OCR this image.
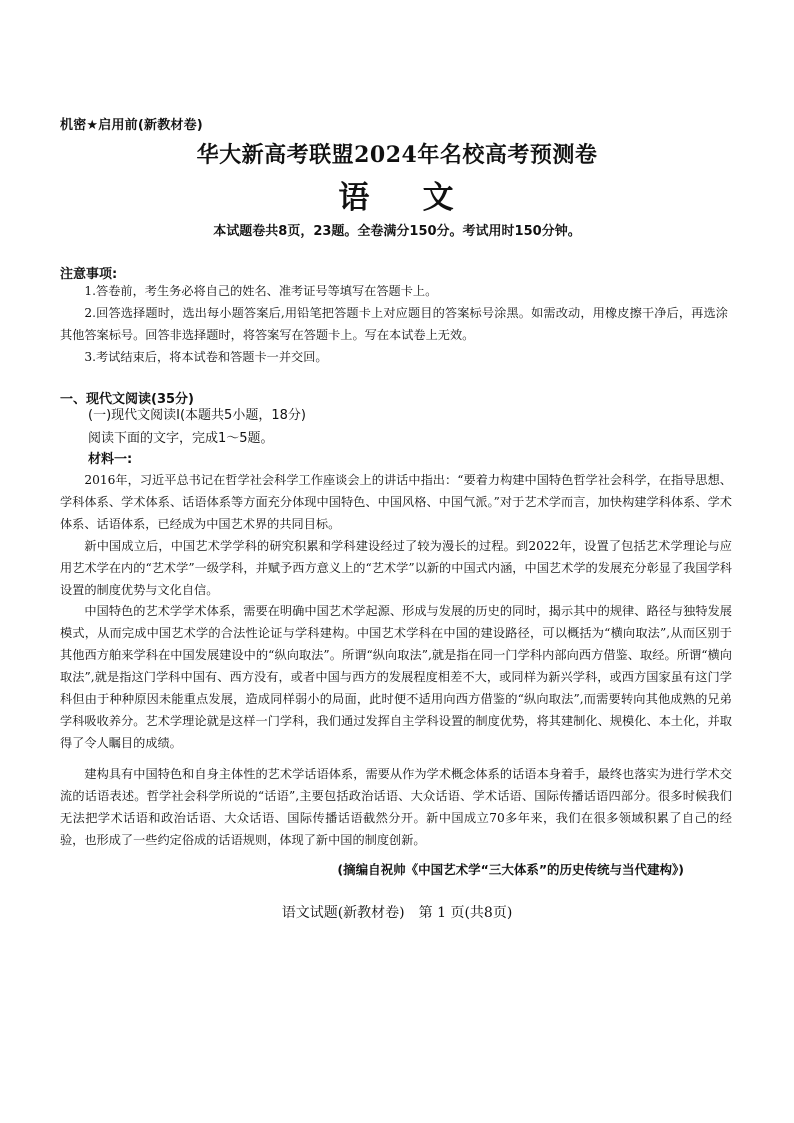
机密★启用前(新教材卷)
华大新高考联盟2024年名校高考预测卷
语    文
本试题卷共8页，23题。全卷满分150分。考试用时150分钟。
注意事项:
1.答卷前，考生务必将自己的姓名、准考证号等填写在答题卡上。
2.回答选择题时，选出每小题答案后,用铅笔把答题卡上对应题目的答案标号涂黑。如需改动，用橡皮擦干净后，再选涂其他答案标号。回答非选择题时，将答案写在答题卡上。写在本试卷上无效。
3.考试结束后，将本试卷和答题卡一并交回。
一、现代文阅读(35分)
(一)现代文阅读Ⅰ(本题共5小题，18分)
阅读下面的文字，完成1～5题。
材料一:
2016年，习近平总书记在哲学社会科学工作座谈会上的讲话中指出：“要着力构建中国特色哲学社会科学，在指导思想、学科体系、学术体系、话语体系等方面充分体现中国特色、中国风格、中国气派。”对于艺术学而言，加快构建学科体系、学术体系、话语体系，已经成为中国艺术界的共同目标。
新中国成立后，中国艺术学学科的研究积累和学科建设经过了较为漫长的过程。到2022年，设置了包括艺术学理论与应用艺术学在内的“艺术学”一级学科，并赋予西方意义上的“艺术学”以新的中国式内涵，中国艺术学的发展充分彰显了我国学科设置的制度优势与文化自信。
中国特色的艺术学学术体系，需要在明确中国艺术学起源、形成与发展的历史的同时，揭示其中的规律、路径与独特发展模式，从而完成中国艺术学的合法性论证与学科建构。中国艺术学科在中国的建设路径，可以概括为“横向取法”,从而区别于其他西方舶来学科在中国发展建设中的“纵向取法”。所谓“纵向取法”,就是指在同一门学科内部向西方借鉴、取经。所谓“横向取法”,就是指这门学科中国有、西方没有，或者中国与西方的发展程度相差不大，或同样为新兴学科，或西方国家虽有这门学科但由于种种原因未能重点发展，造成同样弱小的局面，此时便不适用向西方借鉴的“纵向取法”,而需要转向其他成熟的兄弟学科吸收养分。艺术学理论就是这样一门学科，我们通过发挥自主学科设置的制度优势，将其建制化、规模化、本土化，并取得了令人瞩目的成绩。
建构具有中国特色和自身主体性的艺术学话语体系，需要从作为学术概念体系的话语本身着手，最终也落实为进行学术交流的话语表述。哲学社会科学所说的“话语”,主要包括政治话语、大众话语、学术话语、国际传播话语四部分。很多时候我们无法把学术话语和政治话语、大众话语、国际传播话语截然分开。新中国成立70多年来，我们在很多领域积累了自己的经验，也形成了一些约定俗成的话语规则，体现了新中国的制度创新。
(摘编自祝帅《中国艺术学“三大体系”的历史传统与当代建构》)
语文试题(新教材卷)　第 1 页(共8页)
